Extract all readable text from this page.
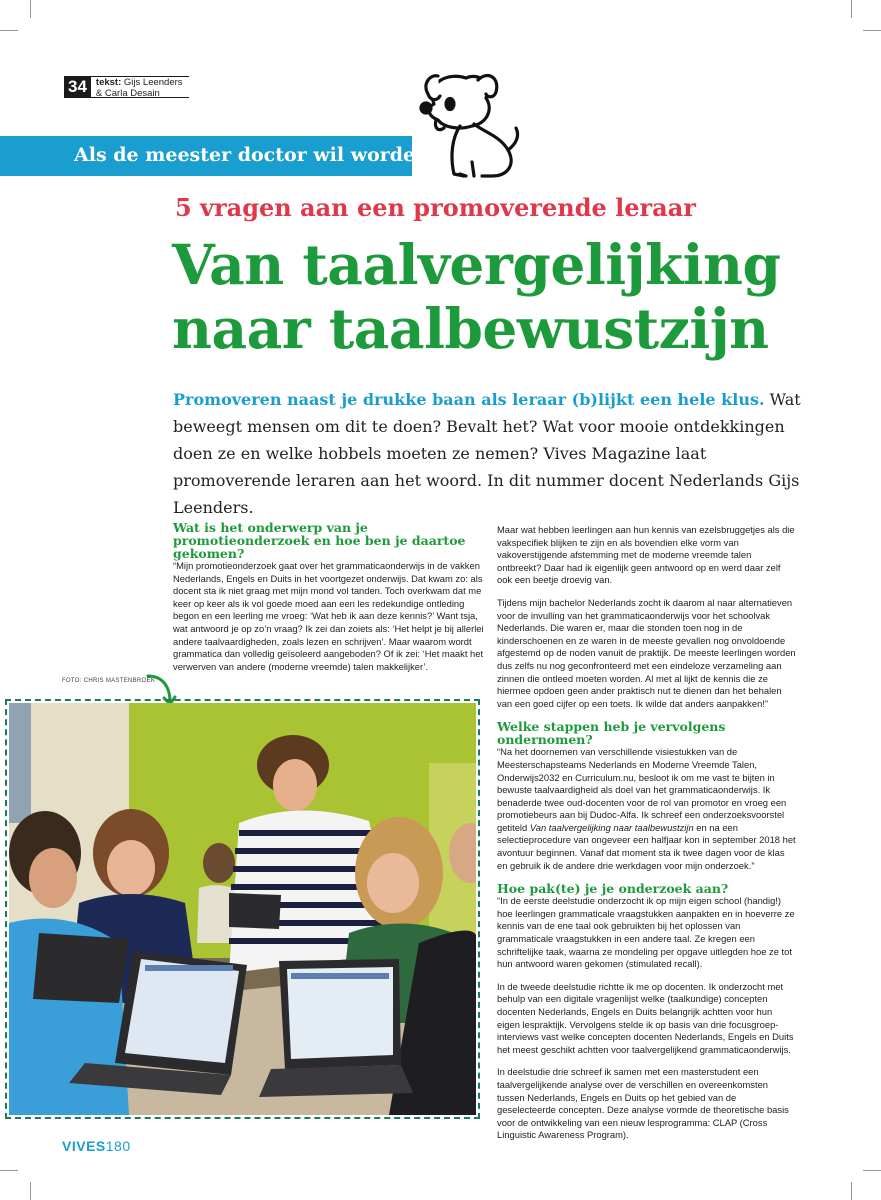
34 tekst: Gijs Leenders
& Carla Desain
Als de meester doctor wil worden
5 vragen aan een promoverende leraar
Van taalvergelijking
naar taalbewustzijn
Promoveren naast je drukke baan als leraar (b)lijkt een hele klus. Wat beweegt mensen om dit te doen? Bevalt het? Wat voor mooie ontdekkingen doen ze en welke hobbels moeten ze nemen? Vives Magazine laat promoverende leraren aan het woord. In dit nummer docent Nederlands Gijs Leenders.
Wat is het onderwerp van je promotieonderzoek en hoe ben je daartoe gekomen?

“Mijn promotieonderzoek gaat over het grammaticaonderwijs in de vakken Nederlands, Engels en Duits in het voortgezet onderwijs. Dat kwam zo: als docent sta ik niet graag met mijn mond vol tanden. Toch overkwam dat me keer op keer als ik vol goede moed aan een les redekundige ontleding begon en een leerling me vroeg: ‘Wat heb ik aan deze kennis?’ Want tsja, wat antwoord je op zo’n vraag? Ik zei dan zoiets als: ‘Het helpt je bij allerlei andere taalvaardigheden, zoals lezen en schrijven’. Maar waarom wordt grammatica dan volledig geïsoleerd aangeboden? Of ik zei: ‘Het maakt het verwerven van andere (moderne vreemde) talen makkelijker’.

FOTO: CHRIS MASTENBROEK

Maar wat hebben leerlingen aan hun kennis van ezelsbruggetjes als die vakspecifiek blijken te zijn en als bovendien elke vorm van vakoverstijgende afstemming met de moderne vreemde talen ontbreekt? Daar had ik eigenlijk geen antwoord op en werd daar zelf ook een beetje droevig van.

Tijdens mijn bachelor Nederlands zocht ik daarom al naar alternatieven voor de invulling van het grammaticaonderwijs voor het schoolvak Nederlands. Die waren er, maar die stonden toen nog in de kinderschoenen en ze waren in de meeste gevallen nog onvoldoende afgestemd op de noden vanuit de praktijk. De meeste leerlingen worden dus zelfs nu nog geconfronteerd met een eindeloze verzameling aan zinnen die ontleed moeten worden. Al met al lijkt de kennis die ze hiermee opdoen geen ander praktisch nut te dienen dan het behalen van een goed cijfer op een toets. Ik wilde dat anders aanpakken!”

Welke stappen heb je vervolgens ondernomen?

“Na het doornemen van verschillende visiestukken van de Meesterschapsteams Nederlands en Moderne Vreemde Talen, Onderwijs2032 en Curriculum.nu, besloot ik om me vast te bijten in bewuste taalvaardigheid als doel van het grammaticaonderwijs. Ik benaderde twee oud-docenten voor de rol van promotor en vroeg een promotiebeurs aan bij Dudoc-Alfa. Ik schreef een onderzoeksvoorstel getiteld Van taalvergelijking naar taalbewustzijn en na een selectieprocedure van ongeveer een halfjaar kon in september 2018 het avontuur beginnen. Vanaf dat moment sta ik twee dagen voor de klas en gebruik ik de andere drie werkdagen voor mijn onderzoek.”

Hoe pak(te) je je onderzoek aan?

“In de eerste deelstudie onderzocht ik op mijn eigen school (handig!) hoe leerlingen grammaticale vraagstukken aanpakten en in hoeverre ze kennis van de ene taal ook gebruikten bij het oplossen van grammaticale vraagstukken in een andere taal. Ze kregen een schriftelijke taak, waarna ze mondeling per opgave uitlegden hoe ze tot hun antwoord waren gekomen (stimulated recall).

In de tweede deelstudie richtte ik me op docenten. Ik onderzocht met behulp van een digitale vragenlijst welke (taalkundige) concepten docenten Nederlands, Engels en Duits belangrijk achtten voor hun eigen lespraktijk. Vervolgens stelde ik op basis van drie focusgroep-interviews vast welke concepten docenten Nederlands, Engels en Duits het meest geschikt achtten voor taalvergelijkend grammaticaonderwijs.

In deelstudie drie schreef ik samen met een masterstudent een taalvergelijkende analyse over de verschillen en overeenkomsten tussen Nederlands, Engels en Duits op het gebied van de geselecteerde concepten. Deze analyse vormde de theoretische basis voor de ontwikkeling van een nieuw lesprogramma: CLAP (Cross Linguistic Awareness Program).

VIVES180
